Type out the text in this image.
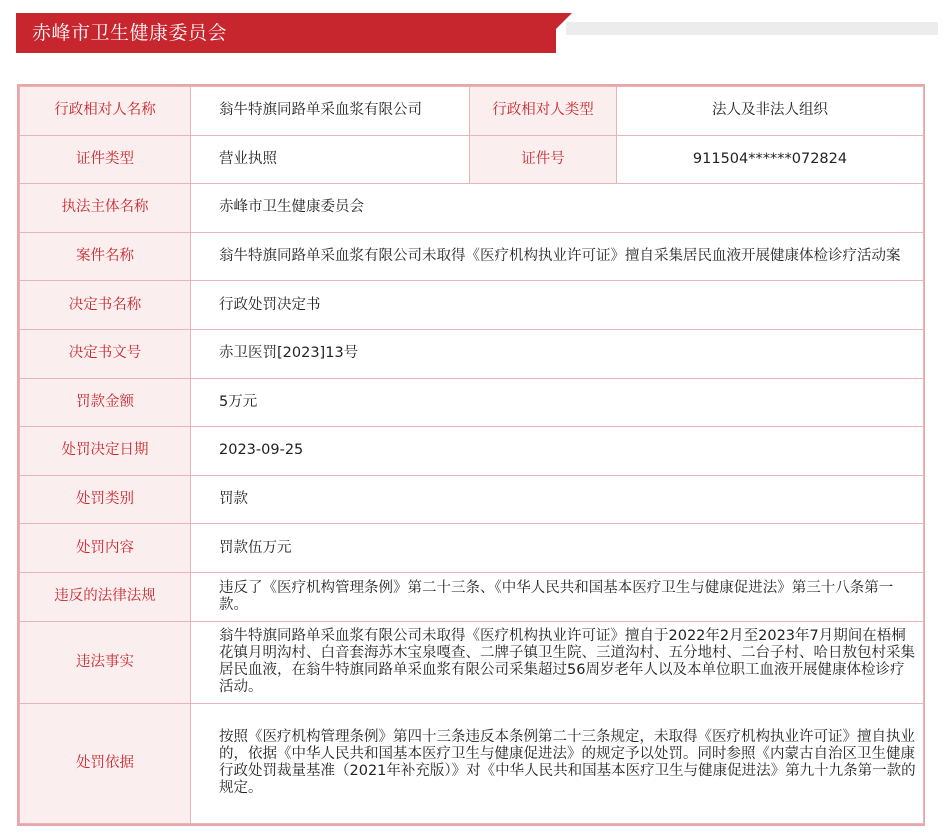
赤峰市卫生健康委员会
行政相对人名称	翁牛特旗同路单采血浆有限公司	行政相对人类型	法人及非法人组织
证件类型	营业执照	证件号	911504******072824
执法主体名称	赤峰市卫生健康委员会		
案件名称	翁牛特旗同路单采血浆有限公司未取得《医疗机构执业许可证》擅自采集居民血液开展健康体检诊疗活动案		
决定书名称	行政处罚决定书		
决定书文号	赤卫医罚[2023]13号		
罚款金额	5万元		
处罚决定日期	2023-09-25		
处罚类别	罚款		
处罚内容	罚款伍万元		
违反的法律法规	违反了《医疗机构管理条例》第二十三条、《中华人民共和国基本医疗卫生与健康促进法》第三十八条第一款。		
违法事实	翁牛特旗同路单采血浆有限公司未取得《医疗机构执业许可证》擅自于2022年2月至2023年7月期间在梧桐花镇月明沟村、白音套海苏木宝泉嘎查、二牌子镇卫生院、三道沟村、五分地村、二台子村、哈日敖包村采集居民血液，在翁牛特旗同路单采血浆有限公司采集超过56周岁老年人以及本单位职工血液开展健康体检诊疗活动。		
处罚依据	按照《医疗机构管理条例》第四十三条违反本条例第二十三条规定，未取得《医疗机构执业许可证》擅自执业的，依据《中华人民共和国基本医疗卫生与健康促进法》的规定予以处罚。同时参照《内蒙古自治区卫生健康行政处罚裁量基准（2021年补充版）》对《中华人民共和国基本医疗卫生与健康促进法》第九十九条第一款的规定。		
